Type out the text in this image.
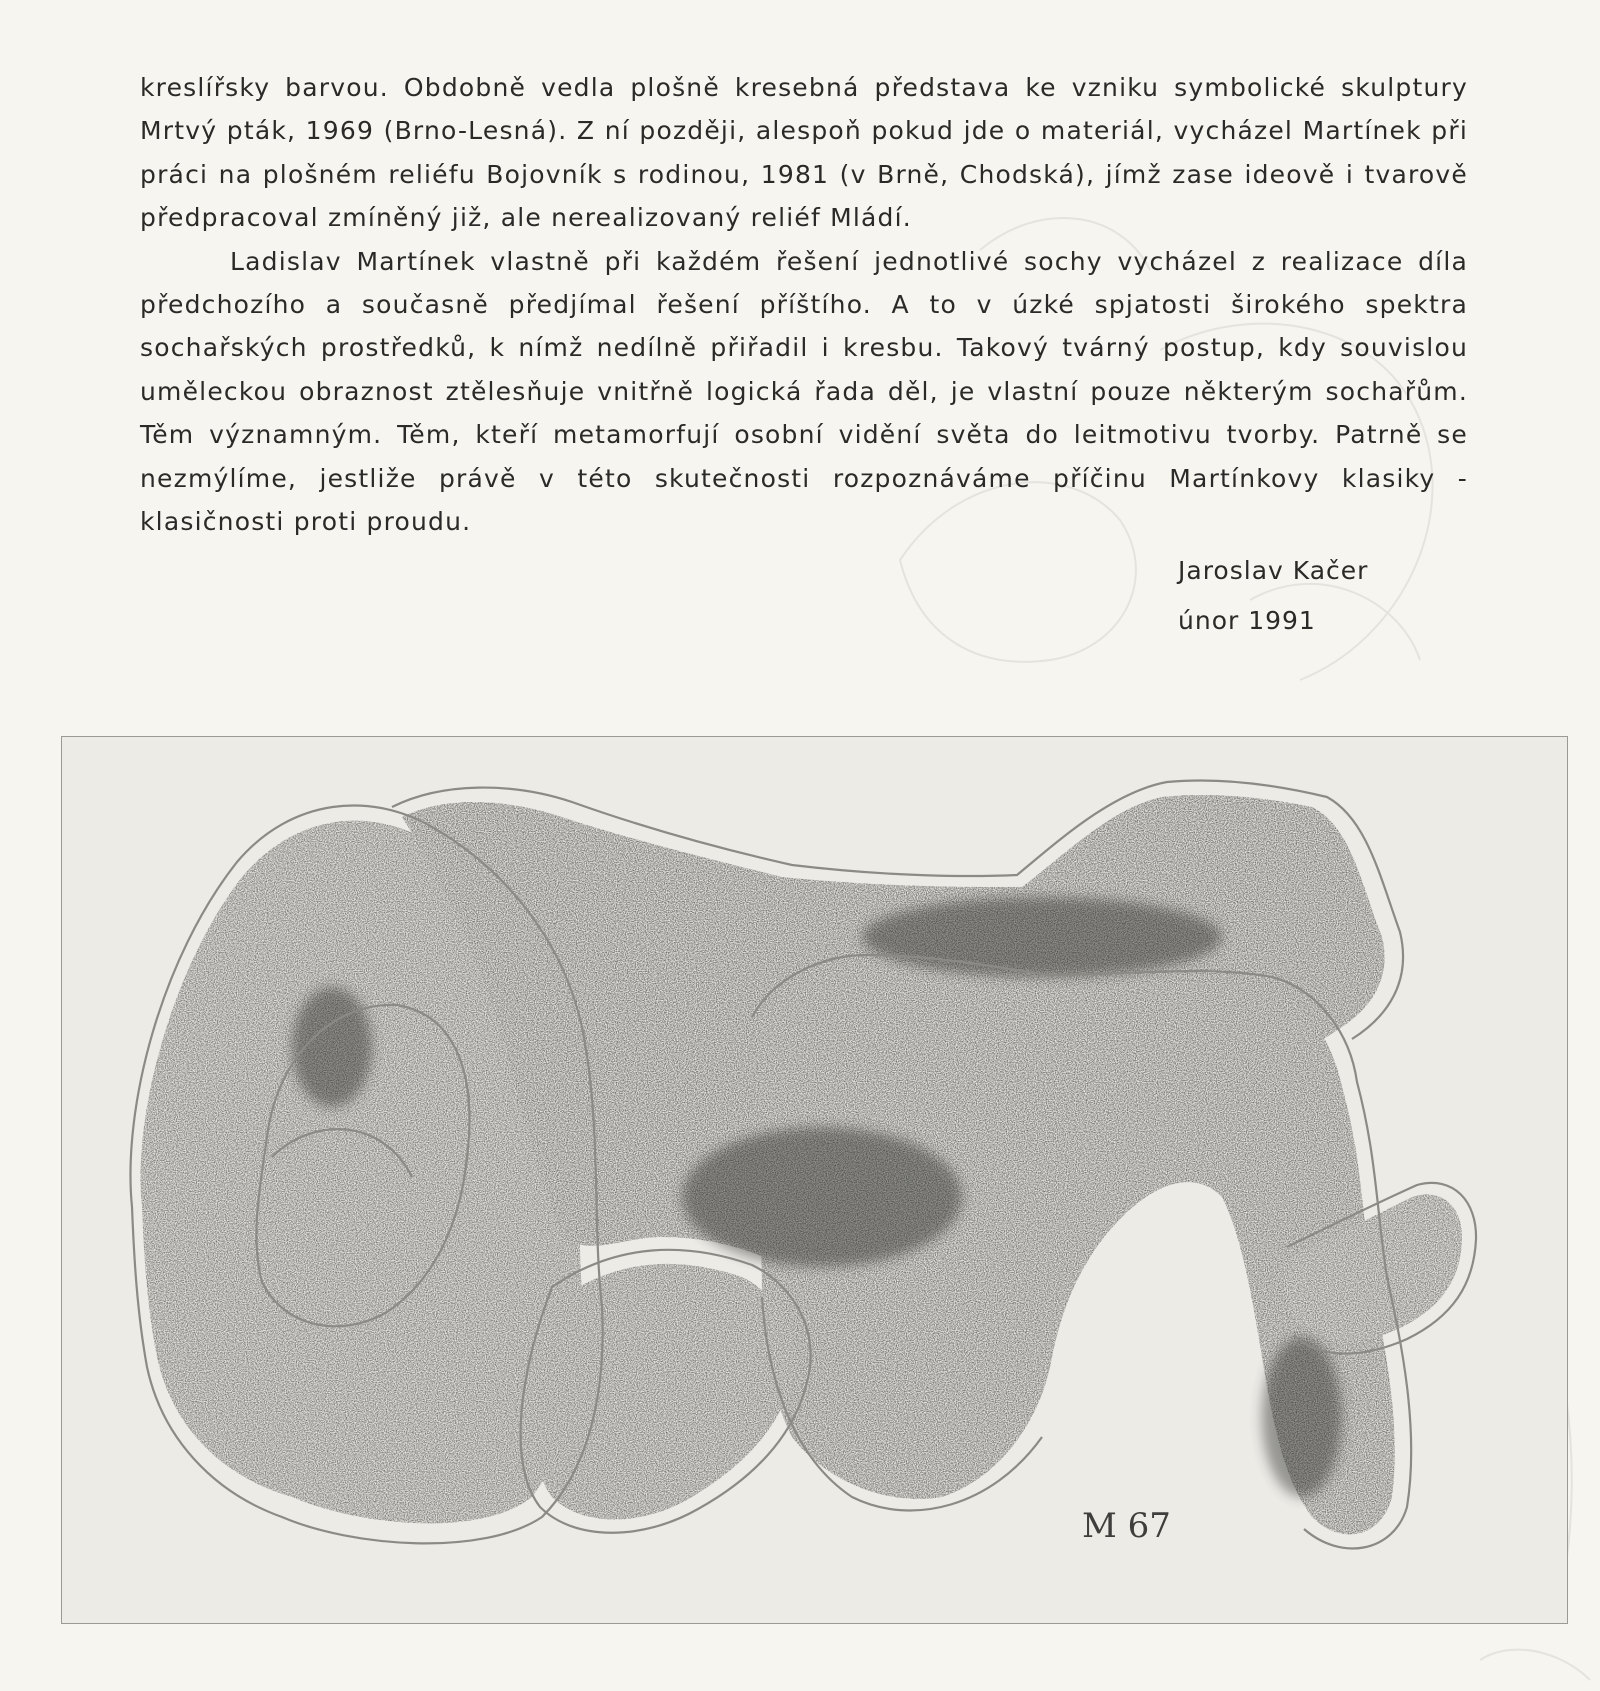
kreslířsky barvou. Obdobně vedla plošně kresebná představa ke vzniku symbolické skulptury Mrtvý pták, 1969 (Brno-Lesná). Z ní později, alespoň pokud jde o materiál, vycházel Martínek při práci na plošném reliéfu Bojovník s rodinou, 1981 (v Brně, Chodská), jímž zase ideově i tvarově předpracoval zmíněný již, ale nerealizovaný reliéf Mládí.

Ladislav Martínek vlastně při každém řešení jednotlivé sochy vycházel z realizace díla předchozího a současně předjímal řešení příštího. A to v úzké spjatosti širokého spektra sochařských prostředků, k nímž nedílně přiřadil i kresbu. Takový tvárný postup, kdy souvislou uměleckou obraznost ztělesňuje vnitřně logická řada děl, je vlastní pouze některým sochařům. Těm významným. Těm, kteří metamorfují osobní vidění světa do leitmotivu tvorby. Patrně se nezmýlíme, jestliže právě v této skutečnosti rozpoznáváme příčinu Martínkovy klasiky - klasičnosti proti proudu.

Jaroslav Kačer
únor 1991
M 67
